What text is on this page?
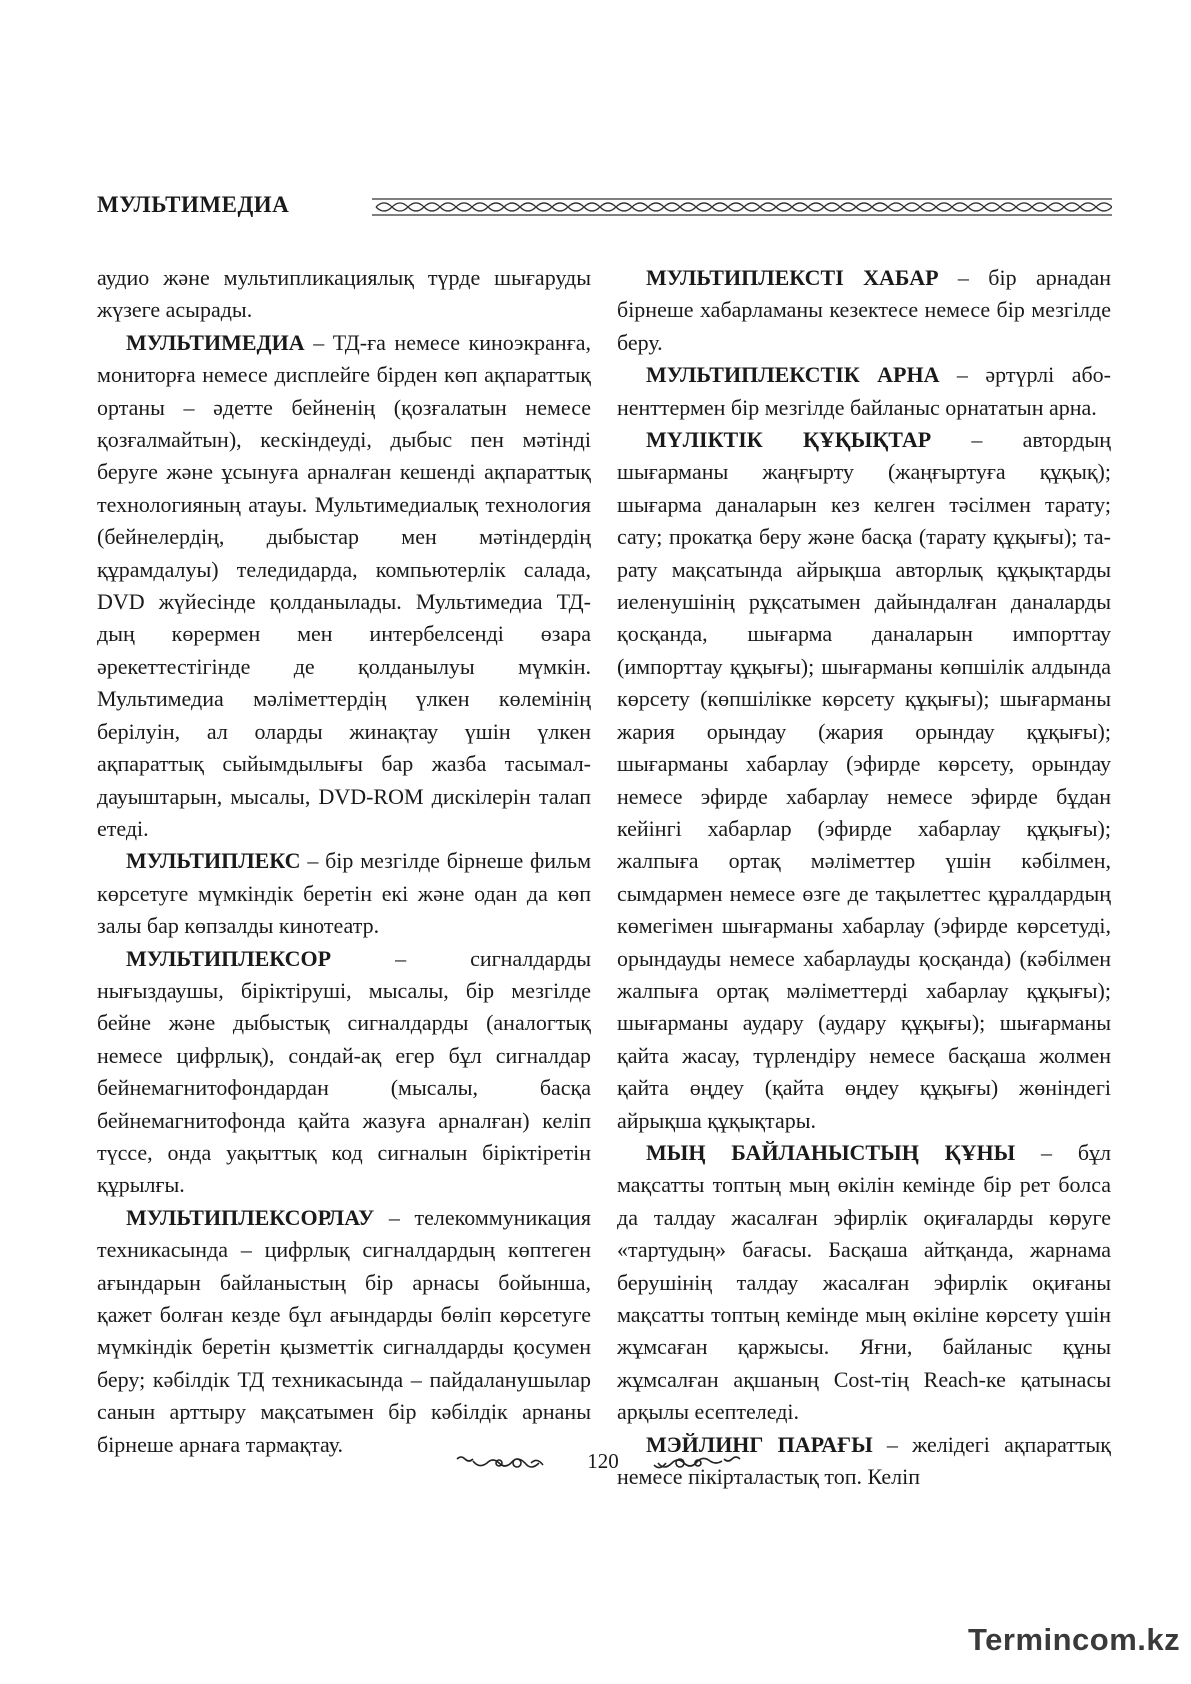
МУЛЬТИМЕДИА

аудио және мультипликациялық түрде шығаруды жүзеге асырады.

МУЛЬТИМЕДИА – ТД-ға немесе киноэкранға, мониторға немесе дисплейге бірден көп ақпараттық ортаны – әдетте бейненің (қозғалатын немесе қозғалмайтын), кескіндеуді, дыбыс пен мәтінді беруге және ұсынуға арналған кешенді ақпараттық технологияның атауы. Мультимедиалық технология (бейнелердің, дыбыстар мен мәтіндердің құрамдалуы) теледидарда, компьютерлік салада, DVD жүйесінде қолданылады. Мультимедиа ТД-дың көрермен мен интербелсенді өзара әрекеттестігінде де қолданылуы мүмкін. Мультимедиа мәліметтердің үлкен көлемінің берілуін, ал оларды жинақтау үшін үлкен ақпараттық сыйымдылығы бар жазба тасымалдауыштарын, мысалы, DVD-ROM дискілерін талап етеді.

МУЛЬТИПЛЕКС – бір мезгілде бірнеше фильм көрсетуге мүмкіндік беретін екі және одан да көп залы бар көпзалды кинотеатр.

МУЛЬТИПЛЕКСОР – сигналдарды нығыздаушы, біріктіруші, мысалы, бір мезгілде бейне және дыбыстық сигналдарды (аналогтық немесе цифрлық), сондай-ақ егер бұл сигналдар бейнемагнитофондардан (мысалы, басқа бейнемагнитофонда қайта жазуға арналған) келіп түссе, онда уақыттық код сигналын біріктіретін құрылғы.

МУЛЬТИПЛЕКСОРЛАУ – телекоммуникация техникасында – цифрлық сигналдардың көптеген ағындарын байланыстың бір арнасы бойынша, қажет болған кезде бұл ағындарды бөліп көрсетуге мүмкіндік беретін қызметтік сигналдарды қосумен беру; кәбілдік ТД техникасында – пайдаланушылар санын арттырy мақсатымен бір кәбілдік арнаны бірнеше арнаға тармақтау.

МУЛЬТИПЛЕКСТІ ХАБАР – бір арнадан бірнеше хабарламаны кезектесе немесе бір мезгілде беру.

МУЛЬТИПЛЕКСТІК АРНА – әртүрлі абоненттермен бір мезгілде байланыс орнататын арна.

МҮЛІКТІК ҚҰҚЫҚТАР – автордың шығарманы жаңғырту (жаңғыртуға құқық); шығарма даналарын кез келген тәсілмен тарату; сату; прокатқа беру және басқа (тарату құқығы); тарату мақсатында айрықша авторлық құқықтарды иеленушінің рұқсатымен дайындалған даналарды қосқанда, шығарма даналарын импорттау (импорттау құқығы); шығарманы көпшілік алдында көрсету (көпшілікке көрсету құқығы); шығарманы жария орындау (жария орындау құқығы); шығарманы хабарлау (эфирде көрсету, орындау немесе эфирде хабарлау немесе эфирде бұдан кейінгі хабарлар (эфирде хабарлау құқығы); жалпыға ортақ мәліметтер үшін кәбілмен, сымдармен немесе өзге де тақылеттес құралдардың көмегімен шығарманы хабарлау (эфирде көрсетуді, орындауды немесе хабарлауды қосқанда) (кәбілмен жалпыға ортақ мәліметтерді хабарлау құқығы); шығарманы аудару (аудару құқығы); шығарманы қайта жасау, түрлендіру немесе басқаша жолмен қайта өңдеу (қайта өңдеу құқығы) жөніндегі айрықша құқықтары.

МЫҢ БАЙЛАНЫСТЫҢ ҚҰНЫ – бұл мақсатты топтың мың өкілін кемінде бір рет болса да талдау жасалған эфирлік оқиғаларды көруге «тартудың» бағасы. Басқаша айтқанда, жарнама берушінің талдау жасалған эфирлік оқиғаны мақсатты топтың кемінде мың өкіліне көрсету үшін жұмсаған қаржысы. Яғни, байланыс құны жұмсалған ақшаның Cost-тің Reach-ке қатынасы арқылы есептеледі.

МЭЙЛИНГ ПАРАҒЫ – желідегі ақпараттық немесе пікірталастық топ. Келіп

120
Termincom.kz
